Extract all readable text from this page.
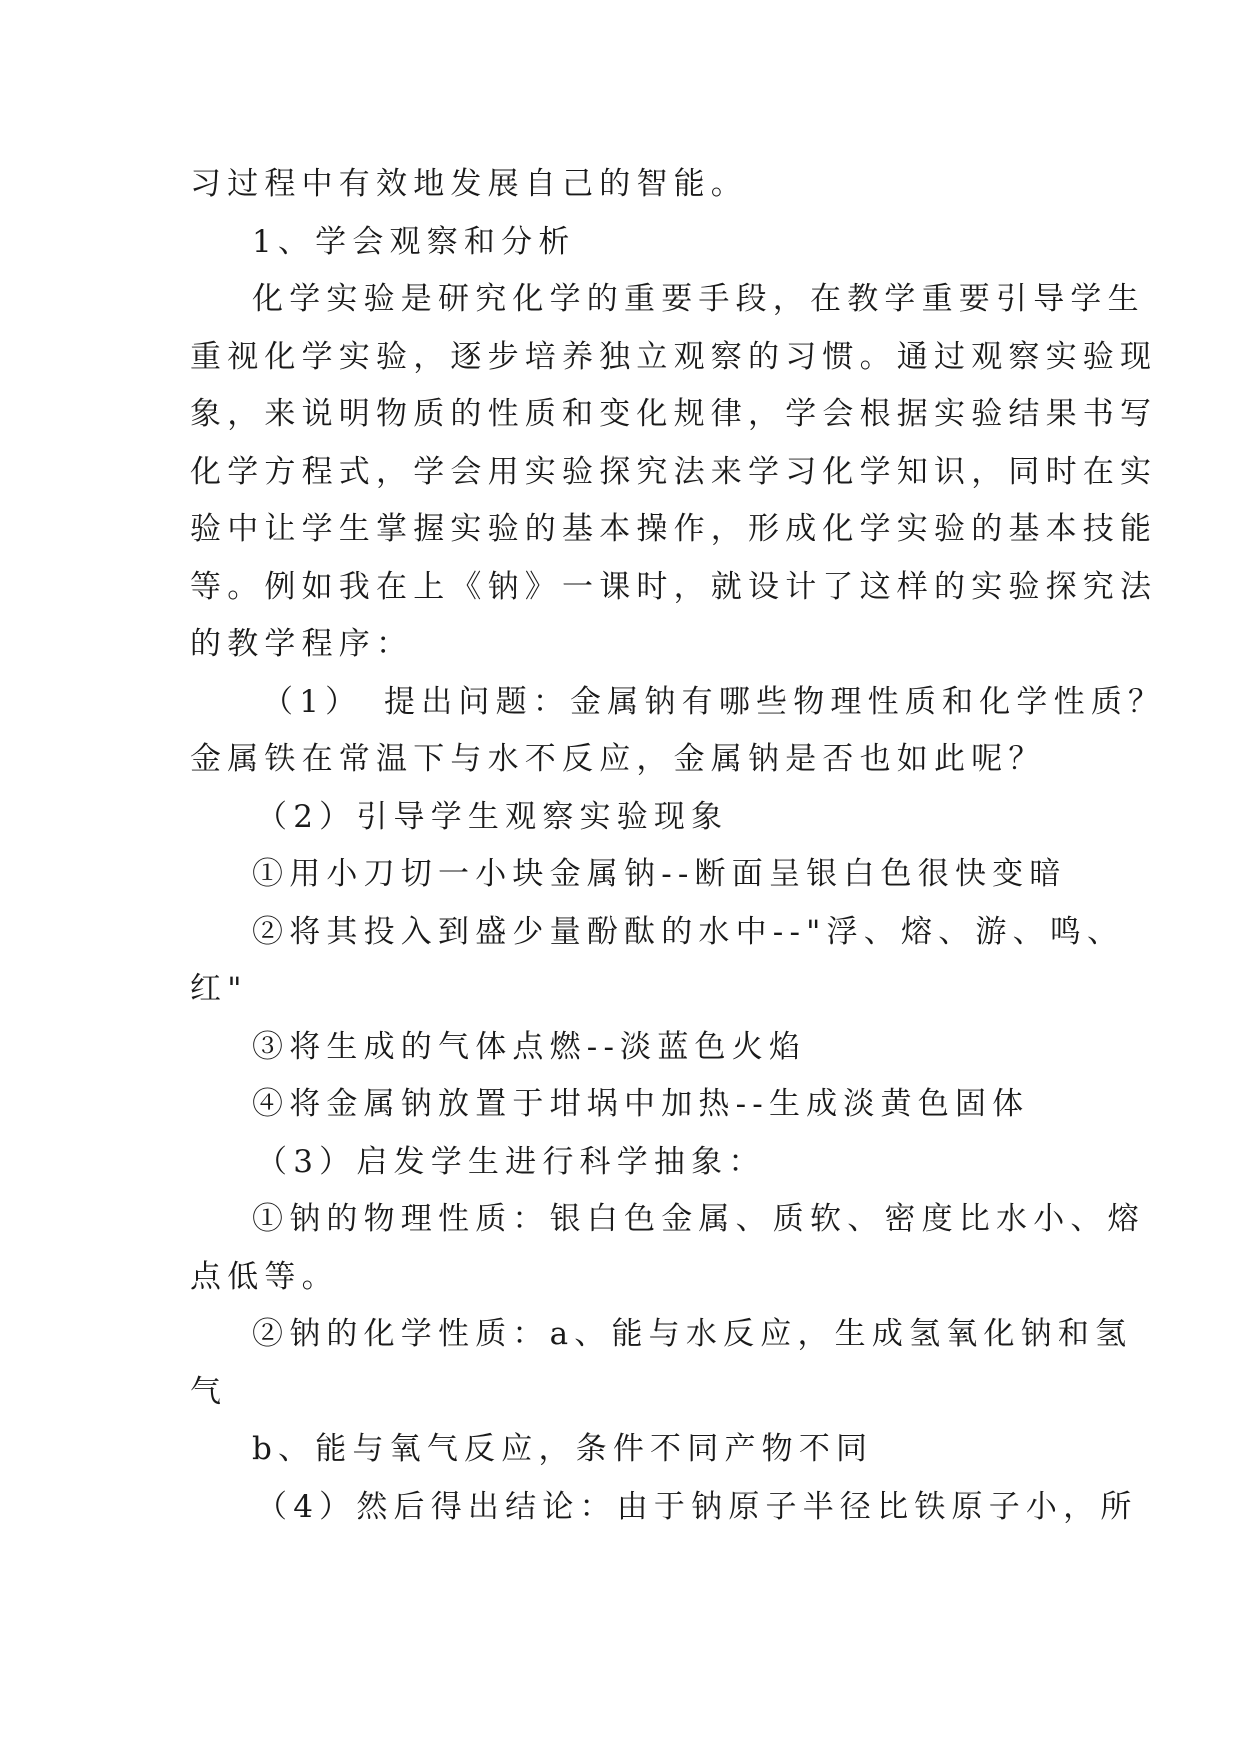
习过程中有效地发展自己的智能。

1、学会观察和分析

化学实验是研究化学的重要手段，在教学重要引导学生

重视化学实验，逐步培养独立观察的习惯。通过观察实验现

象，来说明物质的性质和变化规律，学会根据实验结果书写

化学方程式，学会用实验探究法来学习化学知识，同时在实

验中让学生掌握实验的基本操作，形成化学实验的基本技能

等。例如我在上《钠》一课时，就设计了这样的实验探究法

的教学程序：

（1）　提出问题：金属钠有哪些物理性质和化学性质？

金属铁在常温下与水不反应，金属钠是否也如此呢？

（2）引导学生观察实验现象

①用小刀切一小块金属钠--断面呈银白色很快变暗

②将其投入到盛少量酚酞的水中--"浮、熔、游、鸣、

红"

③将生成的气体点燃--淡蓝色火焰

④将金属钠放置于坩埚中加热--生成淡黄色固体

（3）启发学生进行科学抽象：

①钠的物理性质：银白色金属、质软、密度比水小、熔

点低等。

②钠的化学性质：a、能与水反应，生成氢氧化钠和氢

气

b、能与氧气反应，条件不同产物不同

（4）然后得出结论：由于钠原子半径比铁原子小，所
